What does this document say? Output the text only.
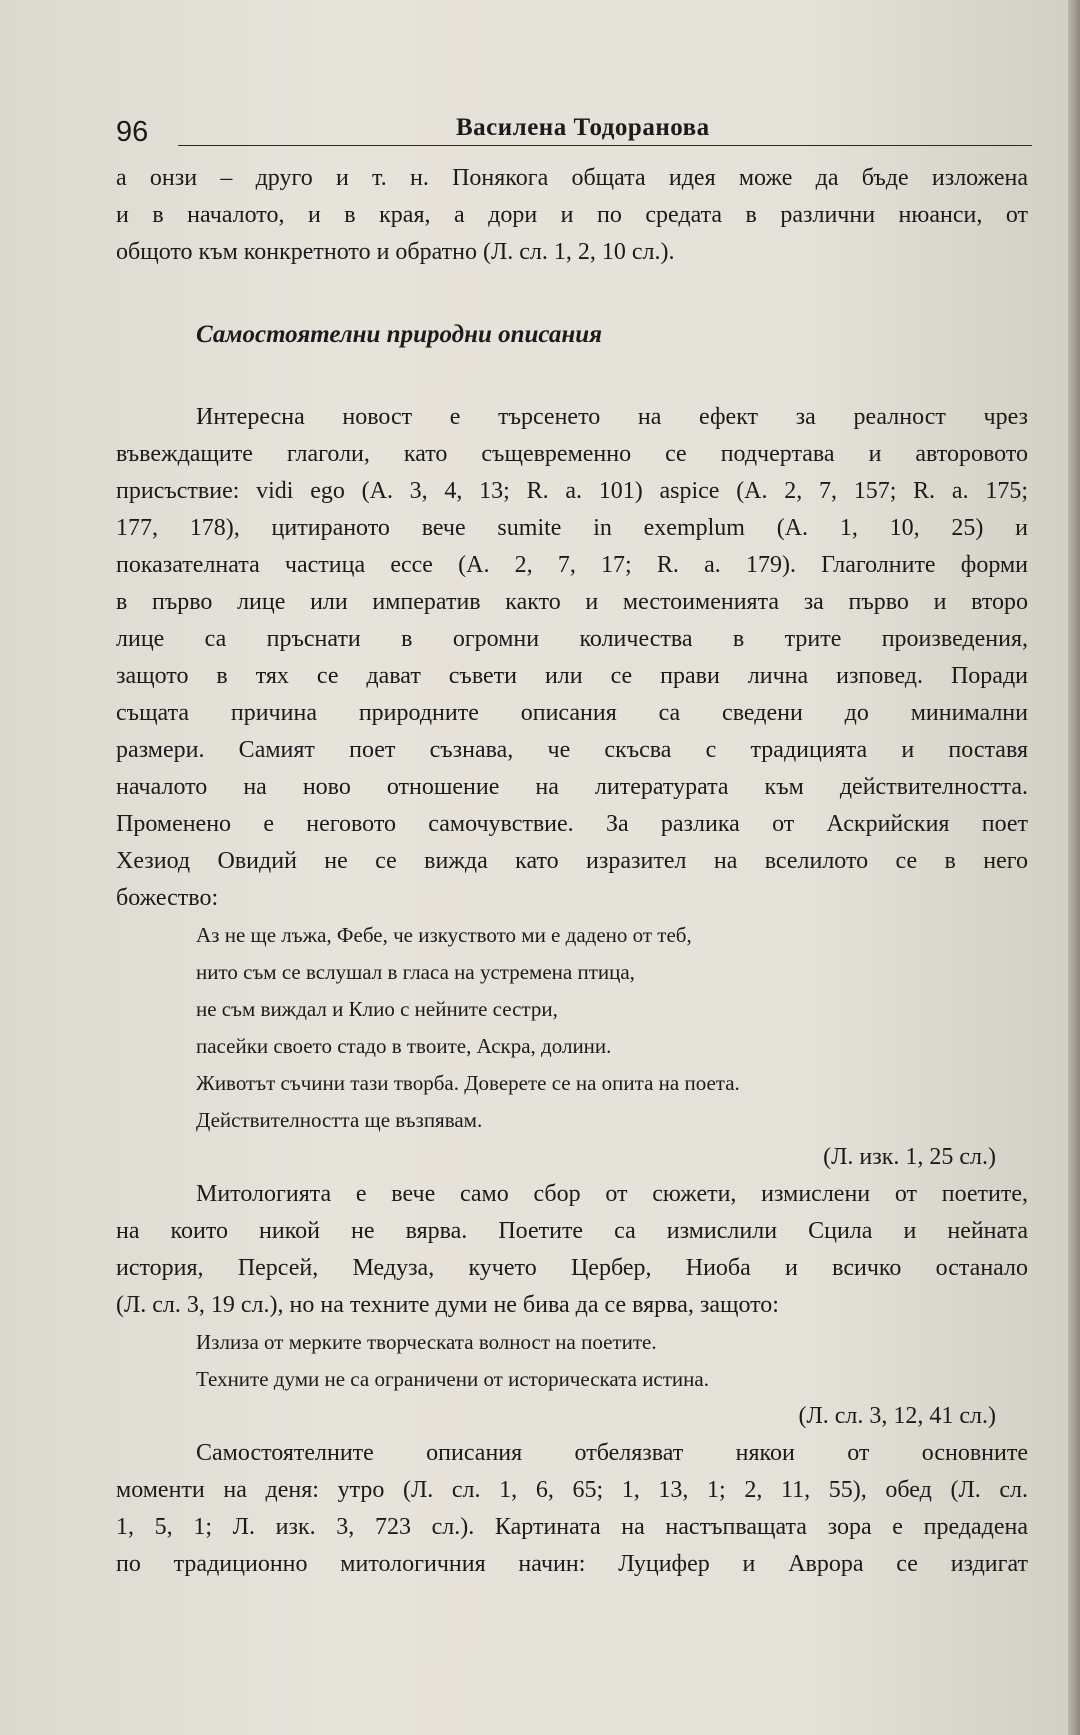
96	Василена Тодоранова
а онзи – друго и т. н. Понякога общата идея може да бъде изложена
и в началото, и в края, а дори и по средата в различни нюанси, от
общото към конкретното и обратно (Л. сл. 1, 2, 10 сл.).
Самостоятелни природни описания
Интересна новост е търсенето на ефект за реалност чрез
въвеждащите глаголи, като същевременно се подчертава и авторовото
присъствие: vidi ego (А. 3, 4, 13; R. a. 101) aspice (А. 2, 7, 157; R. a. 175;
177, 178), цитираното вече sumite in exemplum (А. 1, 10, 25) и
показателната частица ecce (А. 2, 7, 17; R. a. 179). Глаголните форми
в първо лице или императив както и местоименията за първо и второ
лице са пръснати в огромни количества в трите произведения,
защото в тях се дават съвети или се прави лична изповед. Поради
същата причина природните описания са сведени до минимални
размери. Самият поет съзнава, че скъсва с традицията и поставя
началото на ново отношение на литературата към действителността.
Променено е неговото самочувствие. За разлика от Аскрийския поет
Хезиод Овидий не се вижда като изразител на вселилото се в него
божество:
Аз не ще лъжа, Фебе, че изкуството ми е дадено от теб,
нито съм се вслушал в гласа на устремена птица,
не съм виждал и Клио с нейните сестри,
пасейки своето стадо в твоите, Аскра, долини.
Животът съчини тази творба. Доверете се на опита на поета.
Действителността ще възпявам.
(Л. изк. 1, 25 сл.)
Митологията е вече само сбор от сюжети, измислени от поетите,
на които никой не вярва. Поетите са измислили Сцила и нейната
история, Персей, Медуза, кучето Цербер, Ниоба и всичко останало
(Л. сл. 3, 19 сл.), но на техните думи не бива да се вярва, защото:
Излиза от мерките творческата волност на поетите.
Техните думи не са ограничени от историческата истина.
(Л. сл. 3, 12, 41 сл.)
Самостоятелните описания отбелязват някои от основните
моменти на деня: утро (Л. сл. 1, 6, 65; 1, 13, 1; 2, 11, 55), обед (Л. сл.
1, 5, 1; Л. изк. 3, 723 сл.). Картината на настъпващата зора е предадена
по традиционно митологичния начин: Луцифер и Аврора се издигат
